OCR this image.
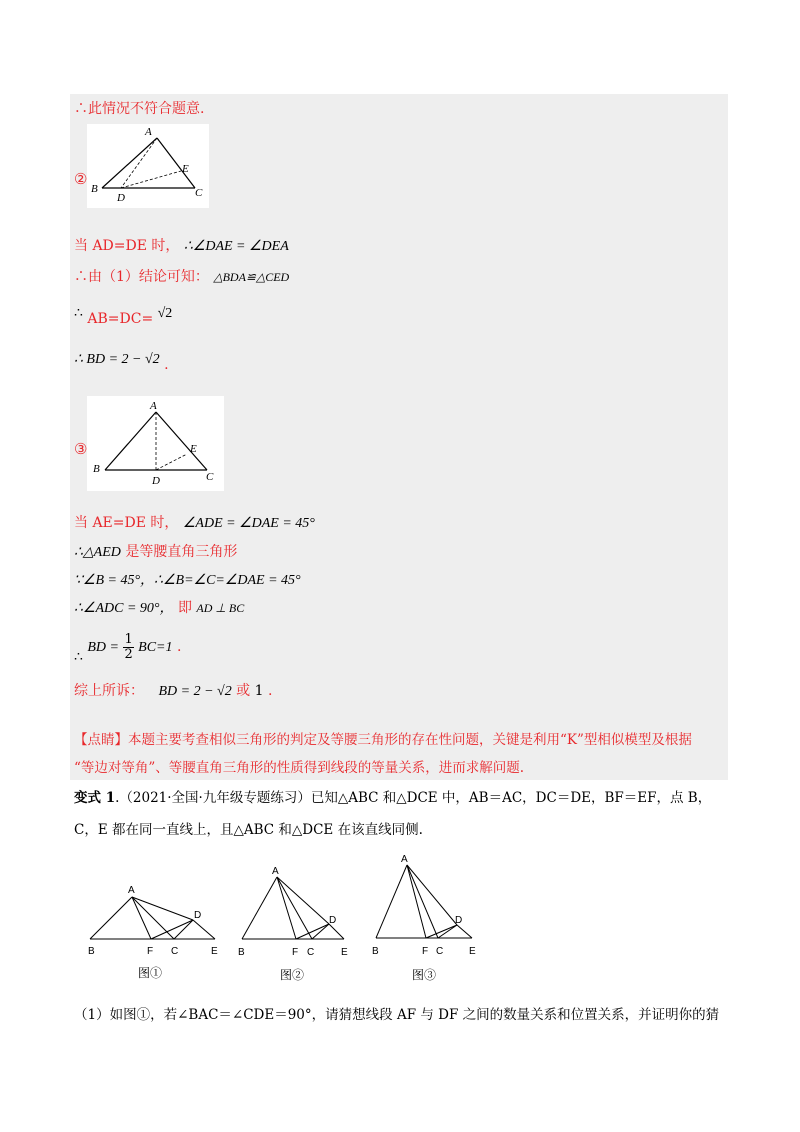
∴此情况不符合题意.
②
A
B	C
D
E
当 AD=DE 时， ∴∠DAE = ∠DEA
∴由（1）结论可知： △BDA≌△CED
∴ AB=DC= √2
∴ BD = 2 − √2 .
③
A
B
C
D
E
当 AE=DE 时， ∠ADE = ∠DAE = 45°
∴△AED 是等腰直角三角形
∵∠B = 45°，∴∠B=∠C=∠DAE = 45°
∴∠ADC = 90°， 即 AD ⊥ BC
∴ BD = $\frac{1}{2} BC=1$ .
综上所诉： BD = 2 − √2 或 1 .
【点睛】本题主要考查相似三角形的判定及等腰三角形的存在性问题，关键是利用“K”型相似模型及根据
“等边对等角”、等腰直角三角形的性质得到线段的等量关系，进而求解问题.
变式 1.（2021·全国·九年级专题练习）已知△ABC 和△DCE 中，AB＝AC，DC＝DE，BF＝EF，点 B，
C，E 都在同一直线上，且△ABC 和△DCE 在该直线同侧.
A
B	F C
D
E
图①
A
B	F C
D
E
图②
A
B	F C
D
E
图③
（1）如图①，若∠BAC＝∠CDE＝90°，请猜想线段 AF 与 DF 之间的数量关系和位置关系，并证明你的猜
